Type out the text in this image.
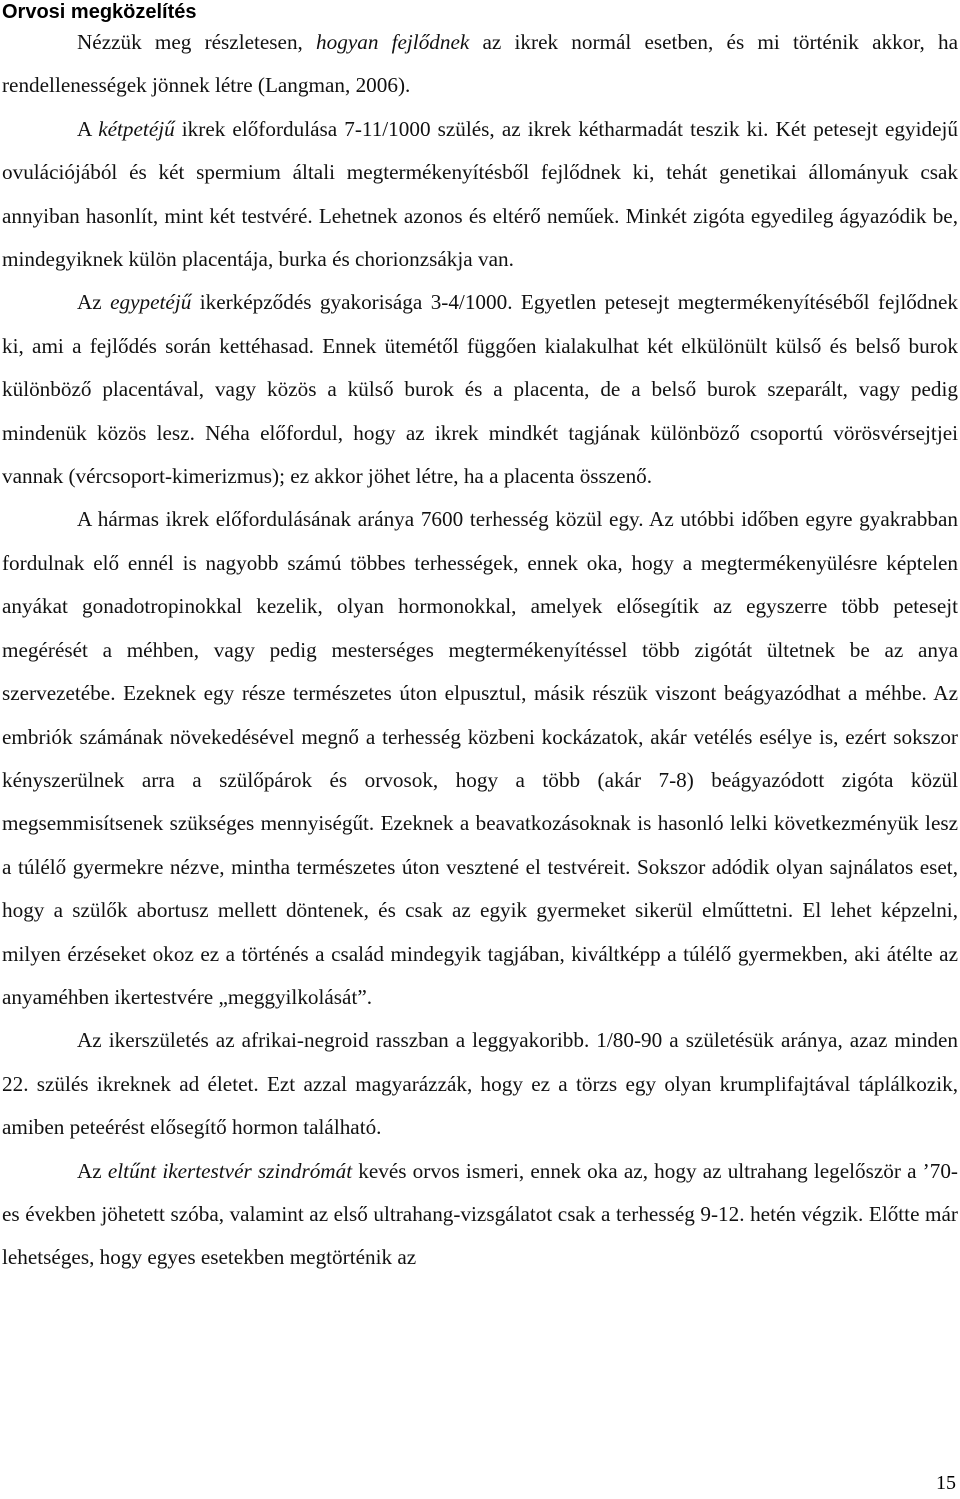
Orvosi megközelítés

Nézzük meg részletesen, hogyan fejlődnek az ikrek normál esetben, és mi történik akkor, ha rendellenességek jönnek létre (Langman, 2006).

A kétpetéjű ikrek előfordulása 7-11/1000 szülés, az ikrek kétharmadát teszik ki. Két petesejt egyidejű ovulációjából és két spermium általi megtermékenyítésből fejlődnek ki, tehát genetikai állományuk csak annyiban hasonlít, mint két testvéré. Lehetnek azonos és eltérő neműek. Minkét zigóta egyedileg ágyazódik be, mindegyiknek külön placentája, burka és chorionzsákja van.

Az egypetéjű ikerképződés gyakorisága 3-4/1000. Egyetlen petesejt megtermékenyítéséből fejlődnek ki, ami a fejlődés során kettéhasad. Ennek ütemétől függően kialakulhat két elkülönült külső és belső burok különböző placentával, vagy közös a külső burok és a placenta, de a belső burok szeparált, vagy pedig mindenük közös lesz. Néha előfordul, hogy az ikrek mindkét tagjának különböző csoportú vörösvérsejtjei vannak (vércsoport-kimerizmus); ez akkor jöhet létre, ha a placenta összenő.

A hármas ikrek előfordulásának aránya 7600 terhesség közül egy. Az utóbbi időben egyre gyakrabban fordulnak elő ennél is nagyobb számú többes terhességek, ennek oka, hogy a megtermékenyülésre képtelen anyákat gonadotropinokkal kezelik, olyan hormonokkal, amelyek elősegítik az egyszerre több petesejt megérését a méhben, vagy pedig mesterséges megtermékenyítéssel több zigótát ültetnek be az anya szervezetébe. Ezeknek egy része természetes úton elpusztul, másik részük viszont beágyazódhat a méhbe. Az embriók számának növekedésével megnő a terhesség közbeni kockázatok, akár vetélés esélye is, ezért sokszor kényszerülnek arra a szülőpárok és orvosok, hogy a több (akár 7-8) beágyazódott zigóta közül megsemmisítsenek szükséges mennyiségűt. Ezeknek a beavatkozásoknak is hasonló lelki következményük lesz a túlélő gyermekre nézve, mintha természetes úton vesztené el testvéreit. Sokszor adódik olyan sajnálatos eset, hogy a szülők abortusz mellett döntenek, és csak az egyik gyermeket sikerül elműttetni. El lehet képzelni, milyen érzéseket okoz ez a történés a család mindegyik tagjában, kiváltképp a túlélő gyermekben, aki átélte az anyaméhben ikertestvére „meggyilkolását”.

Az ikerszületés az afrikai-negroid rasszban a leggyakoribb. 1/80-90 a születésük aránya, azaz minden 22. szülés ikreknek ad életet. Ezt azzal magyarázzák, hogy ez a törzs egy olyan krumplifajtával táplálkozik, amiben peteérést elősegítő hormon található.

Az eltűnt ikertestvér szindrómát kevés orvos ismeri, ennek oka az, hogy az ultrahang legelőször a ’70-es években jöhetett szóba, valamint az első ultrahang-vizsgálatot csak a terhesség 9-12. hetén végzik. Előtte már lehetséges, hogy egyes esetekben megtörténik az

15
